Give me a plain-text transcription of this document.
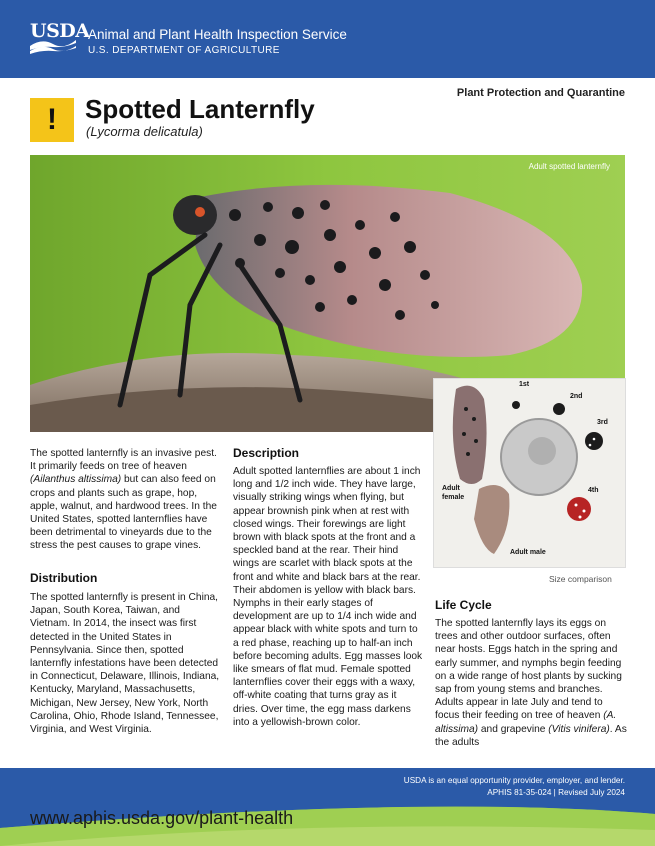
USDA
Animal and Plant Health Inspection Service
U.S. DEPARTMENT OF AGRICULTURE
Plant Protection and Quarantine
! Spotted Lanternfly
(Lycorma delicatula)
Adult spotted lanternfly
1st
2nd
3rd
4th
Adult
female
Adult male
Size comparison
The spotted lanternfly is an invasive pest. It primarily feeds on tree of heaven (Ailanthus altissima) but can also feed on crops and plants such as grape, hop, apple, walnut, and hardwood trees. In the United States, spotted lanternflies have been detrimental to vineyards due to the stress the pest causes to grape vines.
Distribution
The spotted lanternfly is present in China, Japan, South Korea, Taiwan, and Vietnam. In 2014, the insect was first detected in the United States in Pennsylvania. Since then, spotted lanternfly infestations have been detected in Connecticut, Delaware, Illinois, Indiana, Kentucky, Maryland, Massachusetts, Michigan, New Jersey, New York, North Carolina, Ohio, Rhode Island, Tennessee, Virginia, and West Virginia.
Description
Adult spotted lanternflies are about 1 inch long and 1/2 inch wide. They have large, visually striking wings when flying, but appear brownish pink when at rest with closed wings. Their forewings are light brown with black spots at the front and a speckled band at the rear. Their hind wings are scarlet with black spots at the front and white and black bars at the rear. Their abdomen is yellow with black bars. Nymphs in their early stages of development are up to 1/4 inch wide and appear black with white spots and turn to a red phase, reaching up to half-an inch before becoming adults. Egg masses look like smears of flat mud. Female spotted lanternflies cover their eggs with a waxy, off-white coating that turns gray as it dries. Over time, the egg mass darkens into a yellowish-brown color.
Life Cycle
The spotted lanternfly lays its eggs on trees and other outdoor surfaces, often near hosts. Eggs hatch in the spring and early summer, and nymphs begin feeding on a wide range of host plants by sucking sap from young stems and branches. Adults appear in late July and tend to focus their feeding on tree of heaven (A. altissima) and grapevine (Vitis vinifera). As the adults
USDA is an equal opportunity provider, employer, and lender.
APHIS 81-35-024 | Revised July 2024
www.aphis.usda.gov/plant-health
